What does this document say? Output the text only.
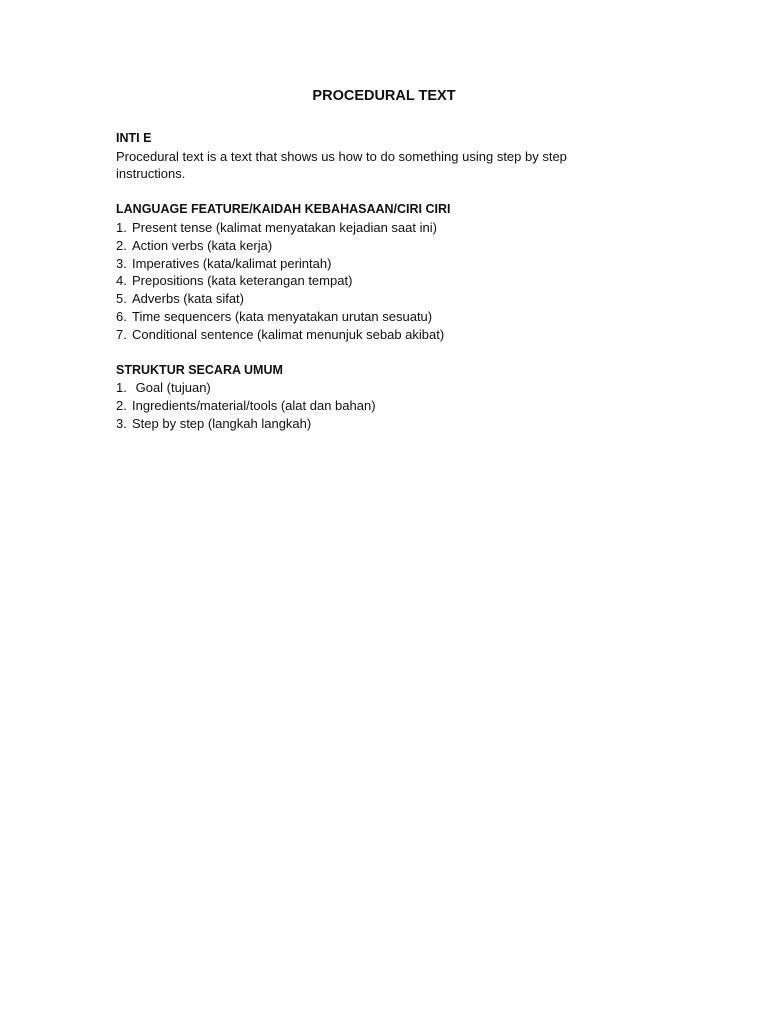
PROCEDURAL TEXT
INTI E

Procedural text is a text that shows us how to do something using step by step instructions.

LANGUAGE FEATURE/KAIDAH KEBAHASAAN/CIRI CIRI
1. Present tense (kalimat menyatakan kejadian saat ini)
2. Action verbs (kata kerja)
3. Imperatives (kata/kalimat perintah)
4. Prepositions (kata keterangan tempat)
5. Adverbs (kata sifat)
6. Time sequencers (kata menyatakan urutan sesuatu)
7. Conditional sentence (kalimat menunjuk sebab akibat)
STRUKTUR SECARA UMUM
1. Goal (tujuan)
2. Ingredients/material/tools (alat dan bahan)
3. Step by step (langkah langkah)
